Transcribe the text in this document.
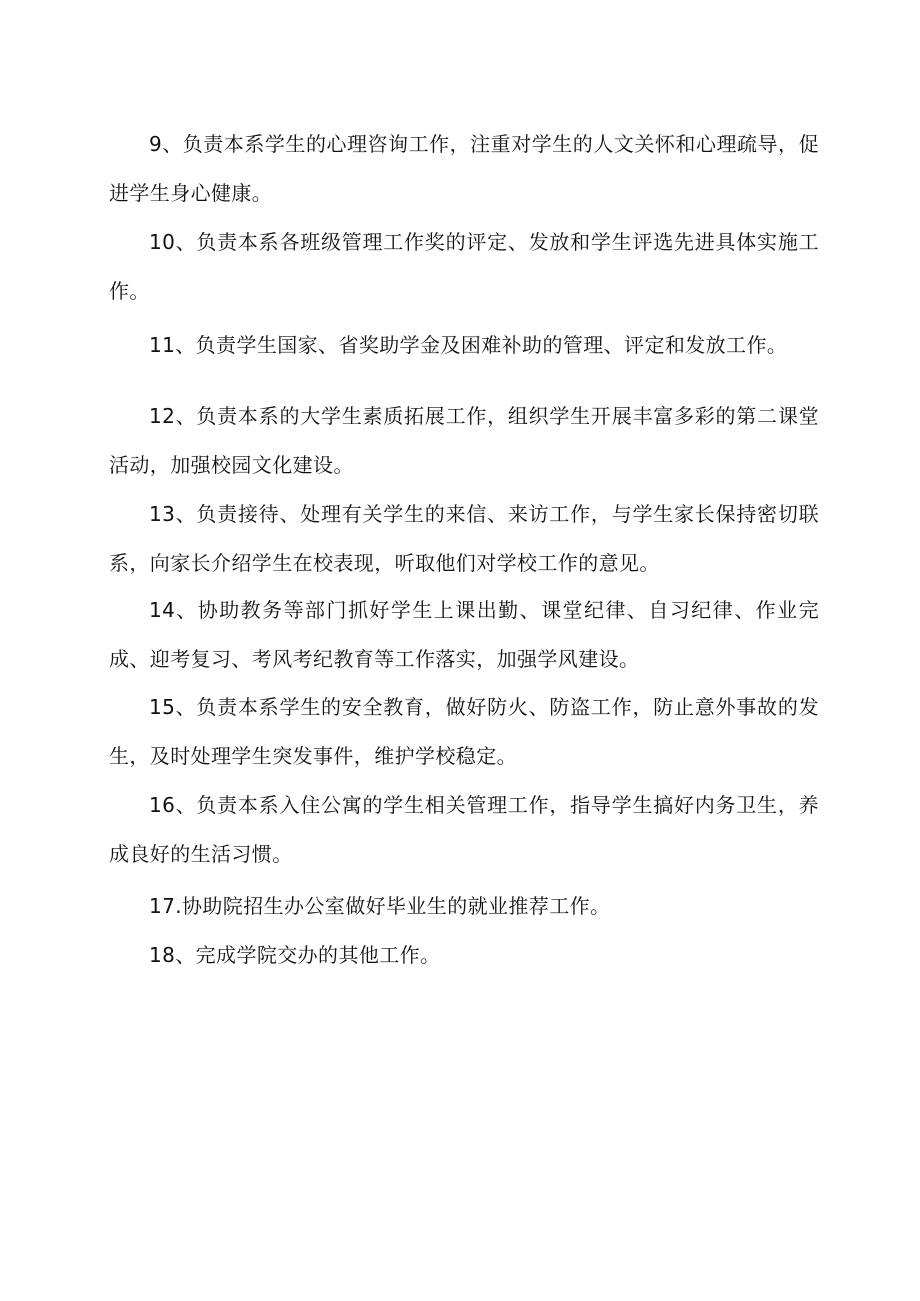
9、负责本系学生的心理咨询工作，注重对学生的人文关怀和心理疏导，促进学生身心健康。

10、负责本系各班级管理工作奖的评定、发放和学生评选先进具体实施工作。

11、负责学生国家、省奖助学金及困难补助的管理、评定和发放工作。

12、负责本系的大学生素质拓展工作，组织学生开展丰富多彩的第二课堂活动，加强校园文化建设。

13、负责接待、处理有关学生的来信、来访工作，与学生家长保持密切联系，向家长介绍学生在校表现，听取他们对学校工作的意见。

14、协助教务等部门抓好学生上课出勤、课堂纪律、自习纪律、作业完成、迎考复习、考风考纪教育等工作落实，加强学风建设。

15、负责本系学生的安全教育，做好防火、防盗工作，防止意外事故的发生，及时处理学生突发事件，维护学校稳定。

16、负责本系入住公寓的学生相关管理工作，指导学生搞好内务卫生，养成良好的生活习惯。

17.协助院招生办公室做好毕业生的就业推荐工作。

18、完成学院交办的其他工作。
